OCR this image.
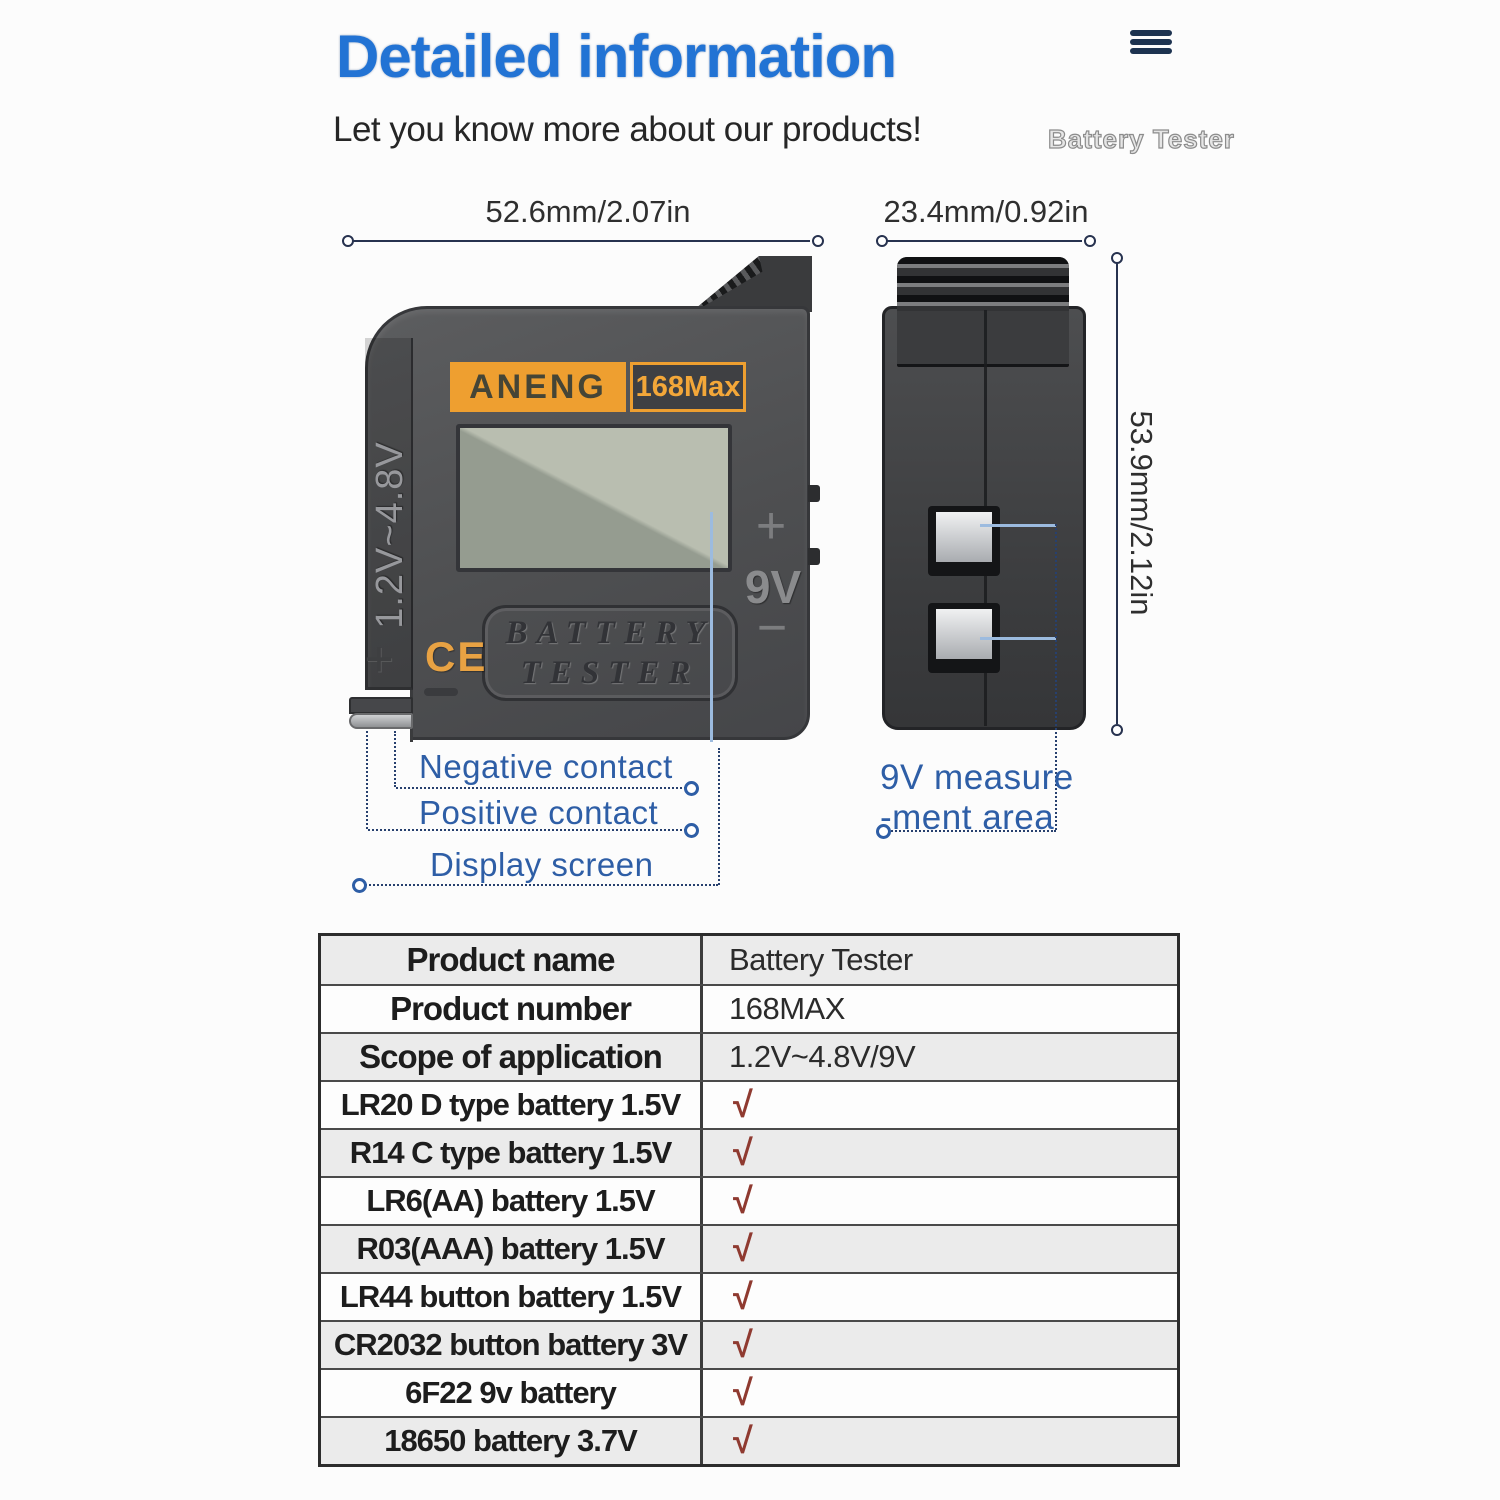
Detailed information
Let you know more about our products!	Battery Tester
52.6mm/2.07in	23.4mm/0.92in
53.9mm/2.12in
1.2V~4.8V
+
ANENG 168Max
BATTERY
TESTER
CE
+
9V
−
Negative contact
Positive contact
Display screen
9V measure
-ment area
Product name	Battery Tester
Product number	168MAX
Scope of application	1.2V~4.8V/9V
LR20 D type battery 1.5V	√
R14 C type battery 1.5V	√
LR6(AA) battery 1.5V	√
R03(AAA) battery 1.5V	√
LR44 button battery 1.5V	√
CR2032 button battery 3V	√
6F22 9v battery	√
18650 battery 3.7V	√
